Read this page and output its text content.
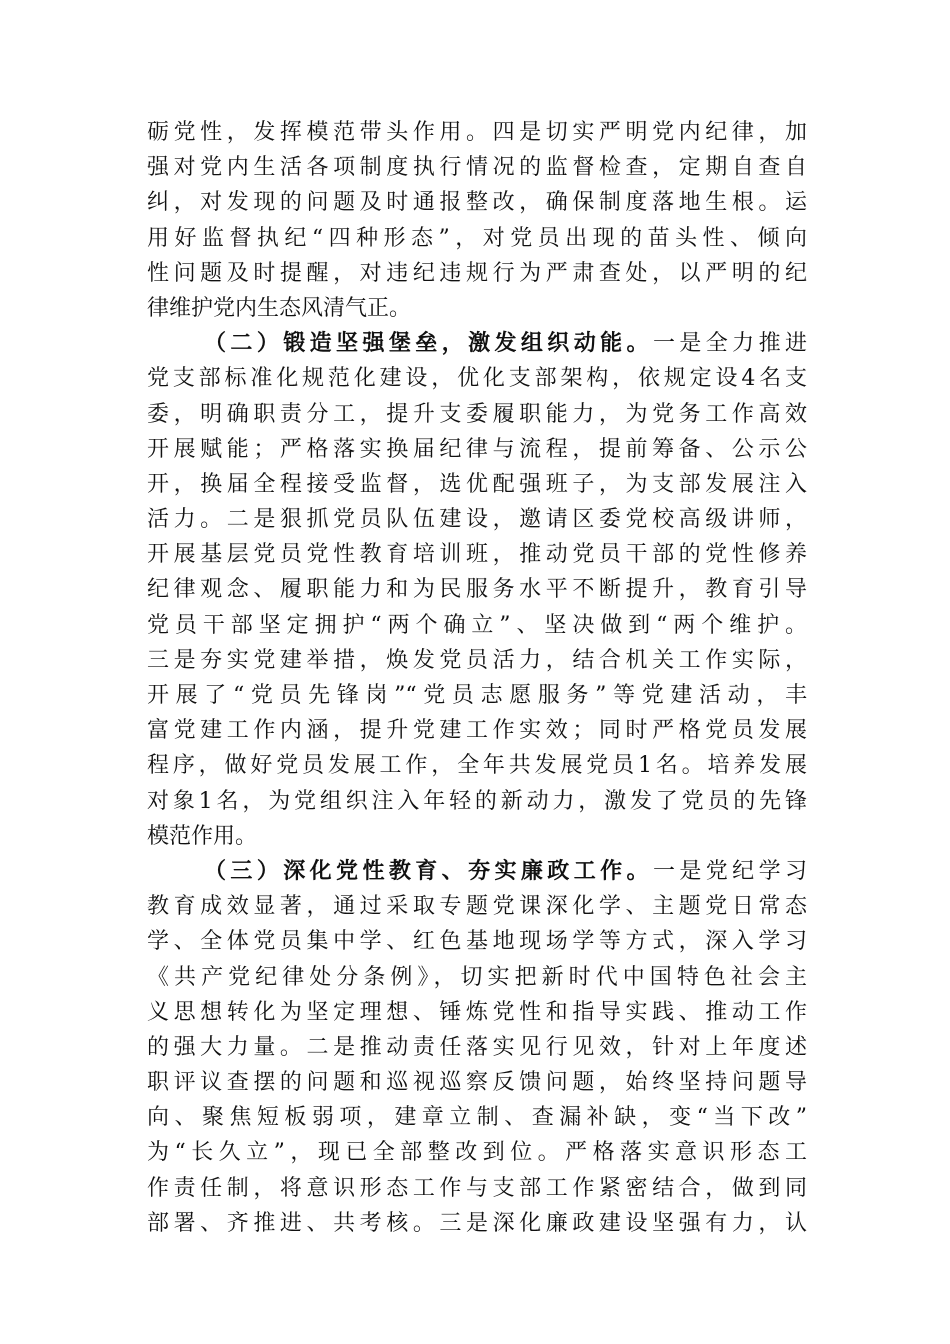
砺党性，发挥模范带头作用。四是切实严明党内纪律，加
强对党内生活各项制度执行情况的监督检查，定期自查自
纠，对发现的问题及时通报整改，确保制度落地生根。运
用好监督执纪“四种形态”，对党员出现的苗头性、倾向
性问题及时提醒，对违纪违规行为严肃查处，以严明的纪
律维护党内生态风清气正。
（二）锻造坚强堡垒，激发组织动能。一是全力推进
党支部标准化规范化建设，优化支部架构，依规定设4名支
委，明确职责分工，提升支委履职能力，为党务工作高效
开展赋能；严格落实换届纪律与流程，提前筹备、公示公
开，换届全程接受监督，选优配强班子，为支部发展注入
活力。二是狠抓党员队伍建设，邀请区委党校高级讲师，
开展基层党员党性教育培训班，推动党员干部的党性修养
纪律观念、履职能力和为民服务水平不断提升，教育引导
党员干部坚定拥护“两个确立”、坚决做到“两个维护。
三是夯实党建举措，焕发党员活力，结合机关工作实际，
开展了“党员先锋岗”“党员志愿服务”等党建活动，丰
富党建工作内涵，提升党建工作实效；同时严格党员发展
程序，做好党员发展工作，全年共发展党员1名。培养发展
对象1名，为党组织注入年轻的新动力，激发了党员的先锋
模范作用。
（三）深化党性教育、夯实廉政工作。一是党纪学习
教育成效显著，通过采取专题党课深化学、主题党日常态
学、全体党员集中学、红色基地现场学等方式，深入学习
《共产党纪律处分条例》，切实把新时代中国特色社会主
义思想转化为坚定理想、锤炼党性和指导实践、推动工作
的强大力量。二是推动责任落实见行见效，针对上年度述
职评议查摆的问题和巡视巡察反馈问题，始终坚持问题导
向、聚焦短板弱项，建章立制、查漏补缺，变“当下改”
为“长久立”，现已全部整改到位。严格落实意识形态工
作责任制，将意识形态工作与支部工作紧密结合，做到同
部署、齐推进、共考核。三是深化廉政建设坚强有力，认
